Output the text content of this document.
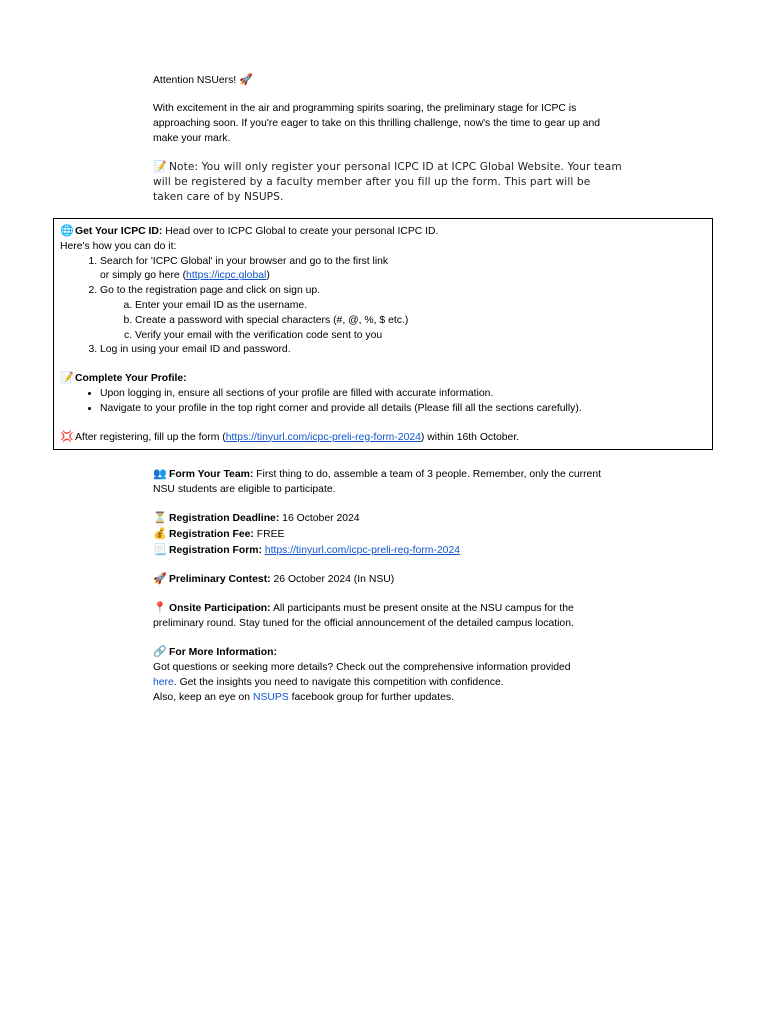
Attention NSUers! 🚀

With excitement in the air and programming spirits soaring, the preliminary stage for ICPC is approaching soon. If you're eager to take on this thrilling challenge, now's the time to gear up and make your mark.

📝 Note: You will only register your personal ICPC ID at ICPC Global Website. Your team will be registered by a faculty member after you fill up the form. This part will be taken care of by NSUPS.

🌐Get Your ICPC ID: Head over to ICPC Global to create your personal ICPC ID.

Here's how you can do it:

1. Search for 'ICPC Global' in your browser and go to the first link
or simply go here (https://icpc.global)
2. Go to the registration page and click on sign up.
a. Enter your email ID as the username.
b. Create a password with special characters (#, @, %, $ etc.)
c. Verify your email with the verification code sent to you
3. Log in using your email ID and password.

📝Complete Your Profile:

• Upon logging in, ensure all sections of your profile are filled with accurate information.
• Navigate to your profile in the top right corner and provide all details (Please fill all the sections carefully).

💢After registering, fill up the form (https://tinyurl.com/icpc-preli-reg-form-2024) within 16th October.

👥 Form Your Team: First thing to do, assemble a team of 3 people. Remember, only the current NSU students are eligible to participate.

⏳ Registration Deadline: 16 October 2024

💰 Registration Fee: FREE

📃 Registration Form: https://tinyurl.com/icpc-preli-reg-form-2024

🚀 Preliminary Contest: 26 October 2024 (In NSU)

📍 Onsite Participation: All participants must be present onsite at the NSU campus for the preliminary round. Stay tuned for the official announcement of the detailed campus location.

🔗 For More Information:

Got questions or seeking more details? Check out the comprehensive information provided

here. Get the insights you need to navigate this competition with confidence.

Also, keep an eye on NSUPS facebook group for further updates.
